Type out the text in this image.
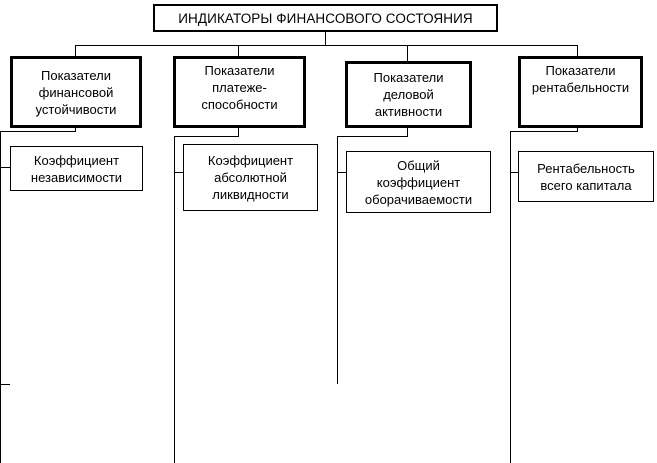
ИНДИКАТОРЫ ФИНАНСОВОГО СОСТОЯНИЯ
Показатели
финансовой
устойчивости
Показатели
платеже-
способности
Показатели
деловой
активности
Показатели
рентабельности
Коэффициент
независимости
Коэффициент
абсолютной
ликвидности
Общий
коэффициент
оборачиваемости
Рентабельность
всего капитала
